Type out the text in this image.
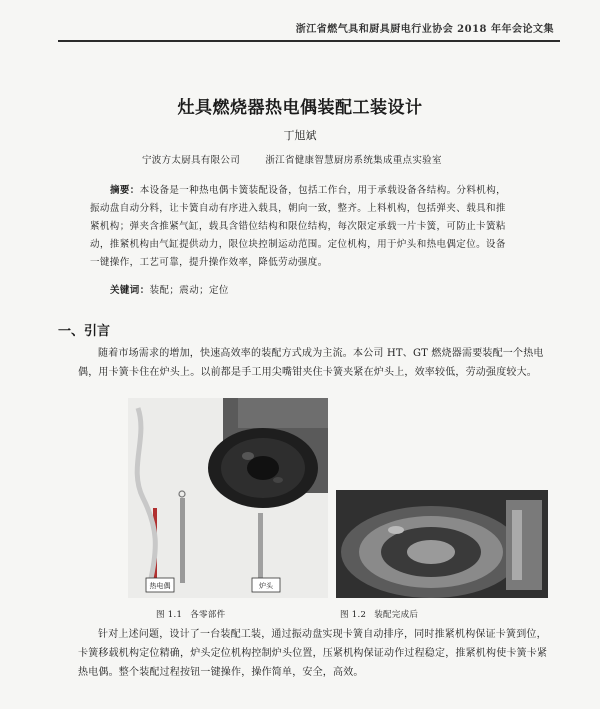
浙江省燃气具和厨具厨电行业协会 2018 年年会论文集
灶具燃烧器热电偶装配工装设计
丁旭斌
宁波方太厨具有限公司	浙江省健康智慧厨房系统集成重点实验室
摘要：本设备是一种热电偶卡簧装配设备，包括工作台，用于承载设备各结构。分料机构，振动盘自动分料，让卡簧自动有序进入载具，朝向一致，整齐。上料机构，包括弹夹、载具和推紧机构；弹夹含推紧气缸，载具含错位结构和限位结构，每次限定承载一片卡簧，可防止卡簧粘动，推紧机构由气缸提供动力，限位块控制运动范围。定位机构，用于炉头和热电偶定位。设备一键操作，工艺可靠，提升操作效率，降低劳动强度。
关键词：装配；震动；定位
一、引言
随着市场需求的增加，快速高效率的装配方式成为主流。本公司 HT、GT 燃烧器需要装配一个热电偶，用卡簧卡住在炉头上。以前都是手工用尖嘴钳夹住卡簧夹紧在炉头上，效率较低，劳动强度较大。
热电偶	炉头
图 1.1 各零部件	图 1.2 装配完成后
针对上述问题，设计了一台装配工装，通过振动盘实现卡簧自动排序，同时推紧机构保证卡簧到位，卡簧移载机构定位精确，炉头定位机构控制炉头位置，压紧机构保证动作过程稳定，推紧机构使卡簧卡紧热电偶。整个装配过程按钮一键操作，操作简单，安全，高效。
